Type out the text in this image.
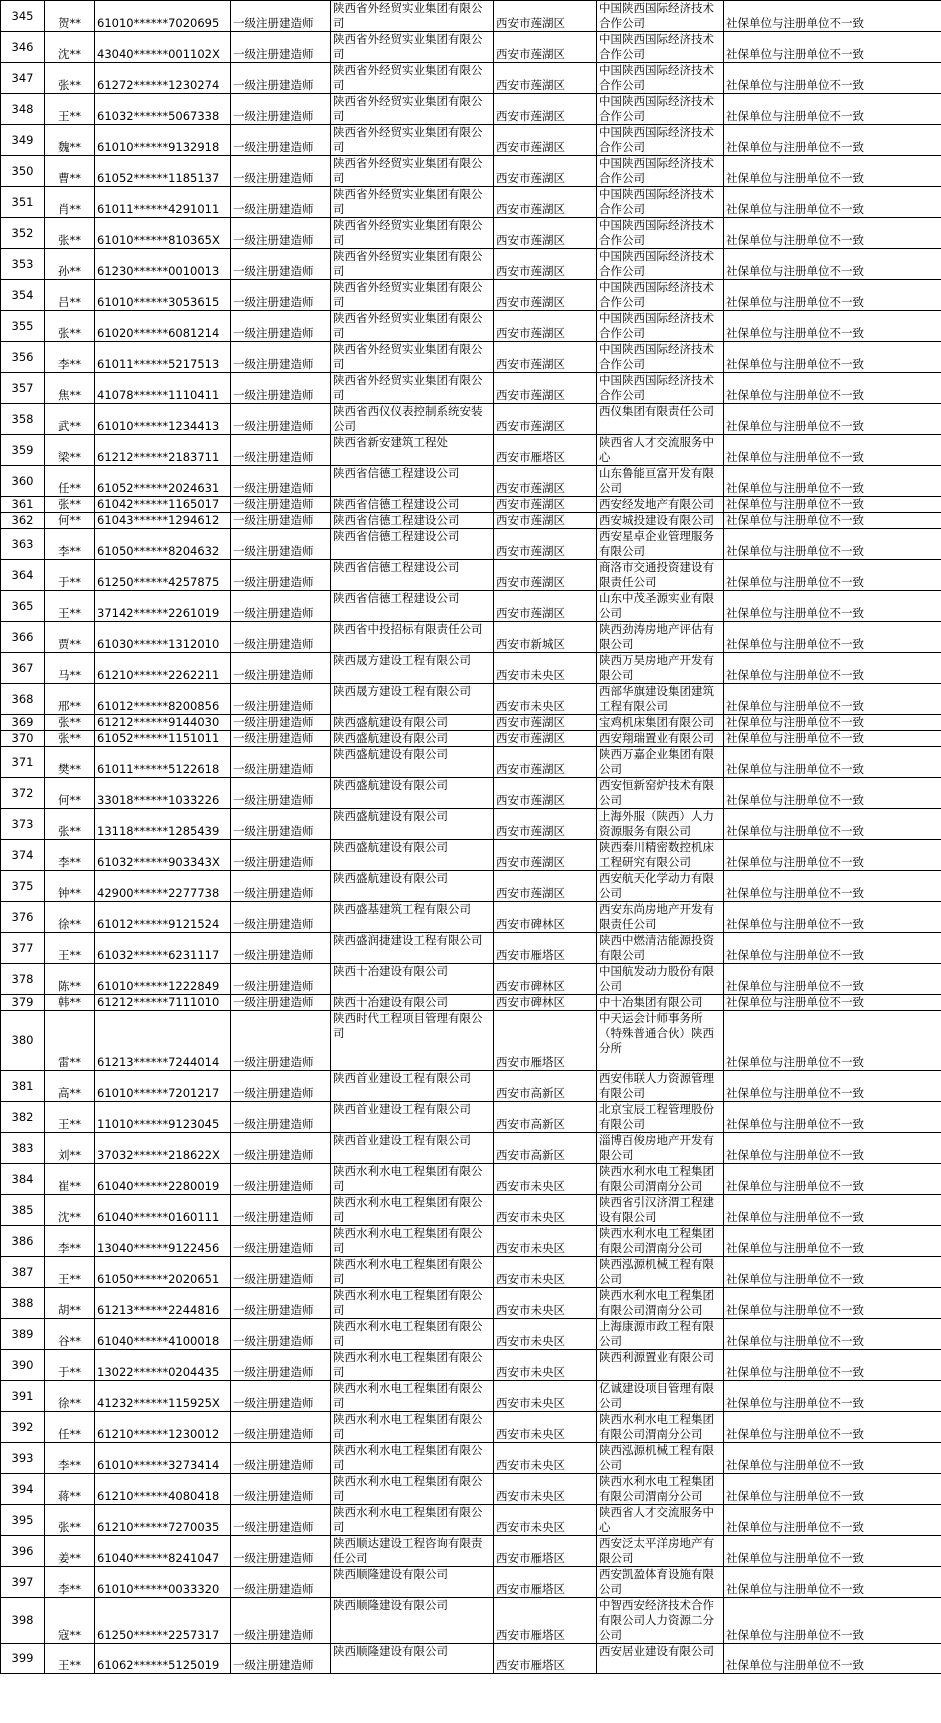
345	贺**	61010******7020695	一级注册建造师	陕西省外经贸实业集团有限公司	西安市莲湖区	中国陕西国际经济技术合作公司	社保单位与注册单位不一致
346	沈**	43040******001102X	一级注册建造师	陕西省外经贸实业集团有限公司	西安市莲湖区	中国陕西国际经济技术合作公司	社保单位与注册单位不一致
347	张**	61272******1230274	一级注册建造师	陕西省外经贸实业集团有限公司	西安市莲湖区	中国陕西国际经济技术合作公司	社保单位与注册单位不一致
348	王**	61032******5067338	一级注册建造师	陕西省外经贸实业集团有限公司	西安市莲湖区	中国陕西国际经济技术合作公司	社保单位与注册单位不一致
349	魏**	61010******9132918	一级注册建造师	陕西省外经贸实业集团有限公司	西安市莲湖区	中国陕西国际经济技术合作公司	社保单位与注册单位不一致
350	曹**	61052******1185137	一级注册建造师	陕西省外经贸实业集团有限公司	西安市莲湖区	中国陕西国际经济技术合作公司	社保单位与注册单位不一致
351	肖**	61011******4291011	一级注册建造师	陕西省外经贸实业集团有限公司	西安市莲湖区	中国陕西国际经济技术合作公司	社保单位与注册单位不一致
352	张**	61010******810365X	一级注册建造师	陕西省外经贸实业集团有限公司	西安市莲湖区	中国陕西国际经济技术合作公司	社保单位与注册单位不一致
353	孙**	61230******0010013	一级注册建造师	陕西省外经贸实业集团有限公司	西安市莲湖区	中国陕西国际经济技术合作公司	社保单位与注册单位不一致
354	吕**	61010******3053615	一级注册建造师	陕西省外经贸实业集团有限公司	西安市莲湖区	中国陕西国际经济技术合作公司	社保单位与注册单位不一致
355	张**	61020******6081214	一级注册建造师	陕西省外经贸实业集团有限公司	西安市莲湖区	中国陕西国际经济技术合作公司	社保单位与注册单位不一致
356	李**	61011******5217513	一级注册建造师	陕西省外经贸实业集团有限公司	西安市莲湖区	中国陕西国际经济技术合作公司	社保单位与注册单位不一致
357	焦**	41078******1110411	一级注册建造师	陕西省外经贸实业集团有限公司	西安市莲湖区	中国陕西国际经济技术合作公司	社保单位与注册单位不一致
358	武**	61010******1234413	一级注册建造师	陕西省西仪仪表控制系统安装公司	西安市莲湖区	西仪集团有限责任公司	社保单位与注册单位不一致
359	梁**	61212******2183711	一级注册建造师	陕西省新安建筑工程处	西安市雁塔区	陕西省人才交流服务中心	社保单位与注册单位不一致
360	任**	61052******2024631	一级注册建造师	陕西省信德工程建设公司	西安市莲湖区	山东鲁能亘富开发有限公司	社保单位与注册单位不一致
361	张**	61042******1165017	一级注册建造师	陕西省信德工程建设公司	西安市莲湖区	西安经发地产有限公司	社保单位与注册单位不一致
362	何**	61043******1294612	一级注册建造师	陕西省信德工程建设公司	西安市莲湖区	西安城投建设有限公司	社保单位与注册单位不一致
363	李**	61050******8204632	一级注册建造师	陕西省信德工程建设公司	西安市莲湖区	西安星卓企业管理服务有限公司	社保单位与注册单位不一致
364	于**	61250******4257875	一级注册建造师	陕西省信德工程建设公司	西安市莲湖区	商洛市交通投资建设有限责任公司	社保单位与注册单位不一致
365	王**	37142******2261019	一级注册建造师	陕西省信德工程建设公司	西安市莲湖区	山东中茂圣源实业有限公司	社保单位与注册单位不一致
366	贾**	61030******1312010	一级注册建造师	陕西省中投招标有限责任公司	西安市新城区	陕西劲涛房地产评估有限公司	社保单位与注册单位不一致
367	马**	61210******2262211	一级注册建造师	陕西晟方建设工程有限公司	西安市未央区	陕西万昊房地产开发有限公司	社保单位与注册单位不一致
368	邢**	61012******8200856	一级注册建造师	陕西晟方建设工程有限公司	西安市未央区	西部华旗建设集团建筑工程有限公司	社保单位与注册单位不一致
369	张**	61212******9144030	一级注册建造师	陕西盛航建设有限公司	西安市莲湖区	宝鸡机床集团有限公司	社保单位与注册单位不一致
370	张**	61052******1151011	一级注册建造师	陕西盛航建设有限公司	西安市莲湖区	西安翔瑞置业有限公司	社保单位与注册单位不一致
371	樊**	61011******5122618	一级注册建造师	陕西盛航建设有限公司	西安市莲湖区	陕西万嘉企业集团有限公司	社保单位与注册单位不一致
372	何**	33018******1033226	一级注册建造师	陕西盛航建设有限公司	西安市莲湖区	西安恒新窑炉技术有限公司	社保单位与注册单位不一致
373	张**	13118******1285439	一级注册建造师	陕西盛航建设有限公司	西安市莲湖区	上海外服（陕西）人力资源服务有限公司	社保单位与注册单位不一致
374	李**	61032******903343X	一级注册建造师	陕西盛航建设有限公司	西安市莲湖区	陕西秦川精密数控机床工程研究有限公司	社保单位与注册单位不一致
375	钟**	42900******2277738	一级注册建造师	陕西盛航建设有限公司	西安市莲湖区	西安航天化学动力有限公司	社保单位与注册单位不一致
376	徐**	61012******9121524	一级注册建造师	陕西盛基建筑工程有限公司	西安市碑林区	西安东尚房地产开发有限责任公司	社保单位与注册单位不一致
377	王**	61032******6231117	一级注册建造师	陕西盛润捷建设工程有限公司	西安市雁塔区	陕西中燃清洁能源投资有限公司	社保单位与注册单位不一致
378	陈**	61010******1222849	一级注册建造师	陕西十冶建设有限公司	西安市碑林区	中国航发动力股份有限公司	社保单位与注册单位不一致
379	韩**	61212******7111010	一级注册建造师	陕西十冶建设有限公司	西安市碑林区	中十冶集团有限公司	社保单位与注册单位不一致
380	雷**	61213******7244014	一级注册建造师	陕西时代工程项目管理有限公司	西安市雁塔区	中天运会计师事务所（特殊普通合伙）陕西分所	社保单位与注册单位不一致
381	高**	61010******7201217	一级注册建造师	陕西首业建设工程有限公司	西安市高新区	西安伟联人力资源管理有限公司	社保单位与注册单位不一致
382	王**	11010******9123045	一级注册建造师	陕西首业建设工程有限公司	西安市高新区	北京宝辰工程管理股份有限公司	社保单位与注册单位不一致
383	刘**	37032******218622X	一级注册建造师	陕西首业建设工程有限公司	西安市高新区	淄博百俊房地产开发有限公司	社保单位与注册单位不一致
384	崔**	61040******2280019	一级注册建造师	陕西水利水电工程集团有限公司	西安市未央区	陕西水利水电工程集团有限公司渭南分公司	社保单位与注册单位不一致
385	沈**	61040******0160111	一级注册建造师	陕西水利水电工程集团有限公司	西安市未央区	陕西省引汉济渭工程建设有限公司	社保单位与注册单位不一致
386	李**	13040******9122456	一级注册建造师	陕西水利水电工程集团有限公司	西安市未央区	陕西水利水电工程集团有限公司渭南分公司	社保单位与注册单位不一致
387	王**	61050******2020651	一级注册建造师	陕西水利水电工程集团有限公司	西安市未央区	陕西泓源机械工程有限公司	社保单位与注册单位不一致
388	胡**	61213******2244816	一级注册建造师	陕西水利水电工程集团有限公司	西安市未央区	陕西水利水电工程集团有限公司渭南分公司	社保单位与注册单位不一致
389	谷**	61040******4100018	一级注册建造师	陕西水利水电工程集团有限公司	西安市未央区	上海康源市政工程有限公司	社保单位与注册单位不一致
390	于**	13022******0204435	一级注册建造师	陕西水利水电工程集团有限公司	西安市未央区	陕西利源置业有限公司	社保单位与注册单位不一致
391	徐**	41232******115925X	一级注册建造师	陕西水利水电工程集团有限公司	西安市未央区	亿诚建设项目管理有限公司	社保单位与注册单位不一致
392	任**	61210******1230012	一级注册建造师	陕西水利水电工程集团有限公司	西安市未央区	陕西水利水电工程集团有限公司渭南分公司	社保单位与注册单位不一致
393	李**	61010******3273414	一级注册建造师	陕西水利水电工程集团有限公司	西安市未央区	陕西泓源机械工程有限公司	社保单位与注册单位不一致
394	蒋**	61210******4080418	一级注册建造师	陕西水利水电工程集团有限公司	西安市未央区	陕西水利水电工程集团有限公司渭南分公司	社保单位与注册单位不一致
395	张**	61210******7270035	一级注册建造师	陕西水利水电工程集团有限公司	西安市未央区	陕西省人才交流服务中心	社保单位与注册单位不一致
396	姜**	61040******8241047	一级注册建造师	陕西顺达建设工程咨询有限责任公司	西安市雁塔区	西安泛太平洋房地产有限公司	社保单位与注册单位不一致
397	李**	61010******0033320	一级注册建造师	陕西顺隆建设有限公司	西安市雁塔区	西安凯盈体育设施有限公司	社保单位与注册单位不一致
398	寇**	61250******2257317	一级注册建造师	陕西顺隆建设有限公司	西安市雁塔区	中智西安经济技术合作有限公司人力资源二分公司	社保单位与注册单位不一致
399	王**	61062******5125019	一级注册建造师	陕西顺隆建设有限公司	西安市雁塔区	西安居业建设有限公司	社保单位与注册单位不一致
